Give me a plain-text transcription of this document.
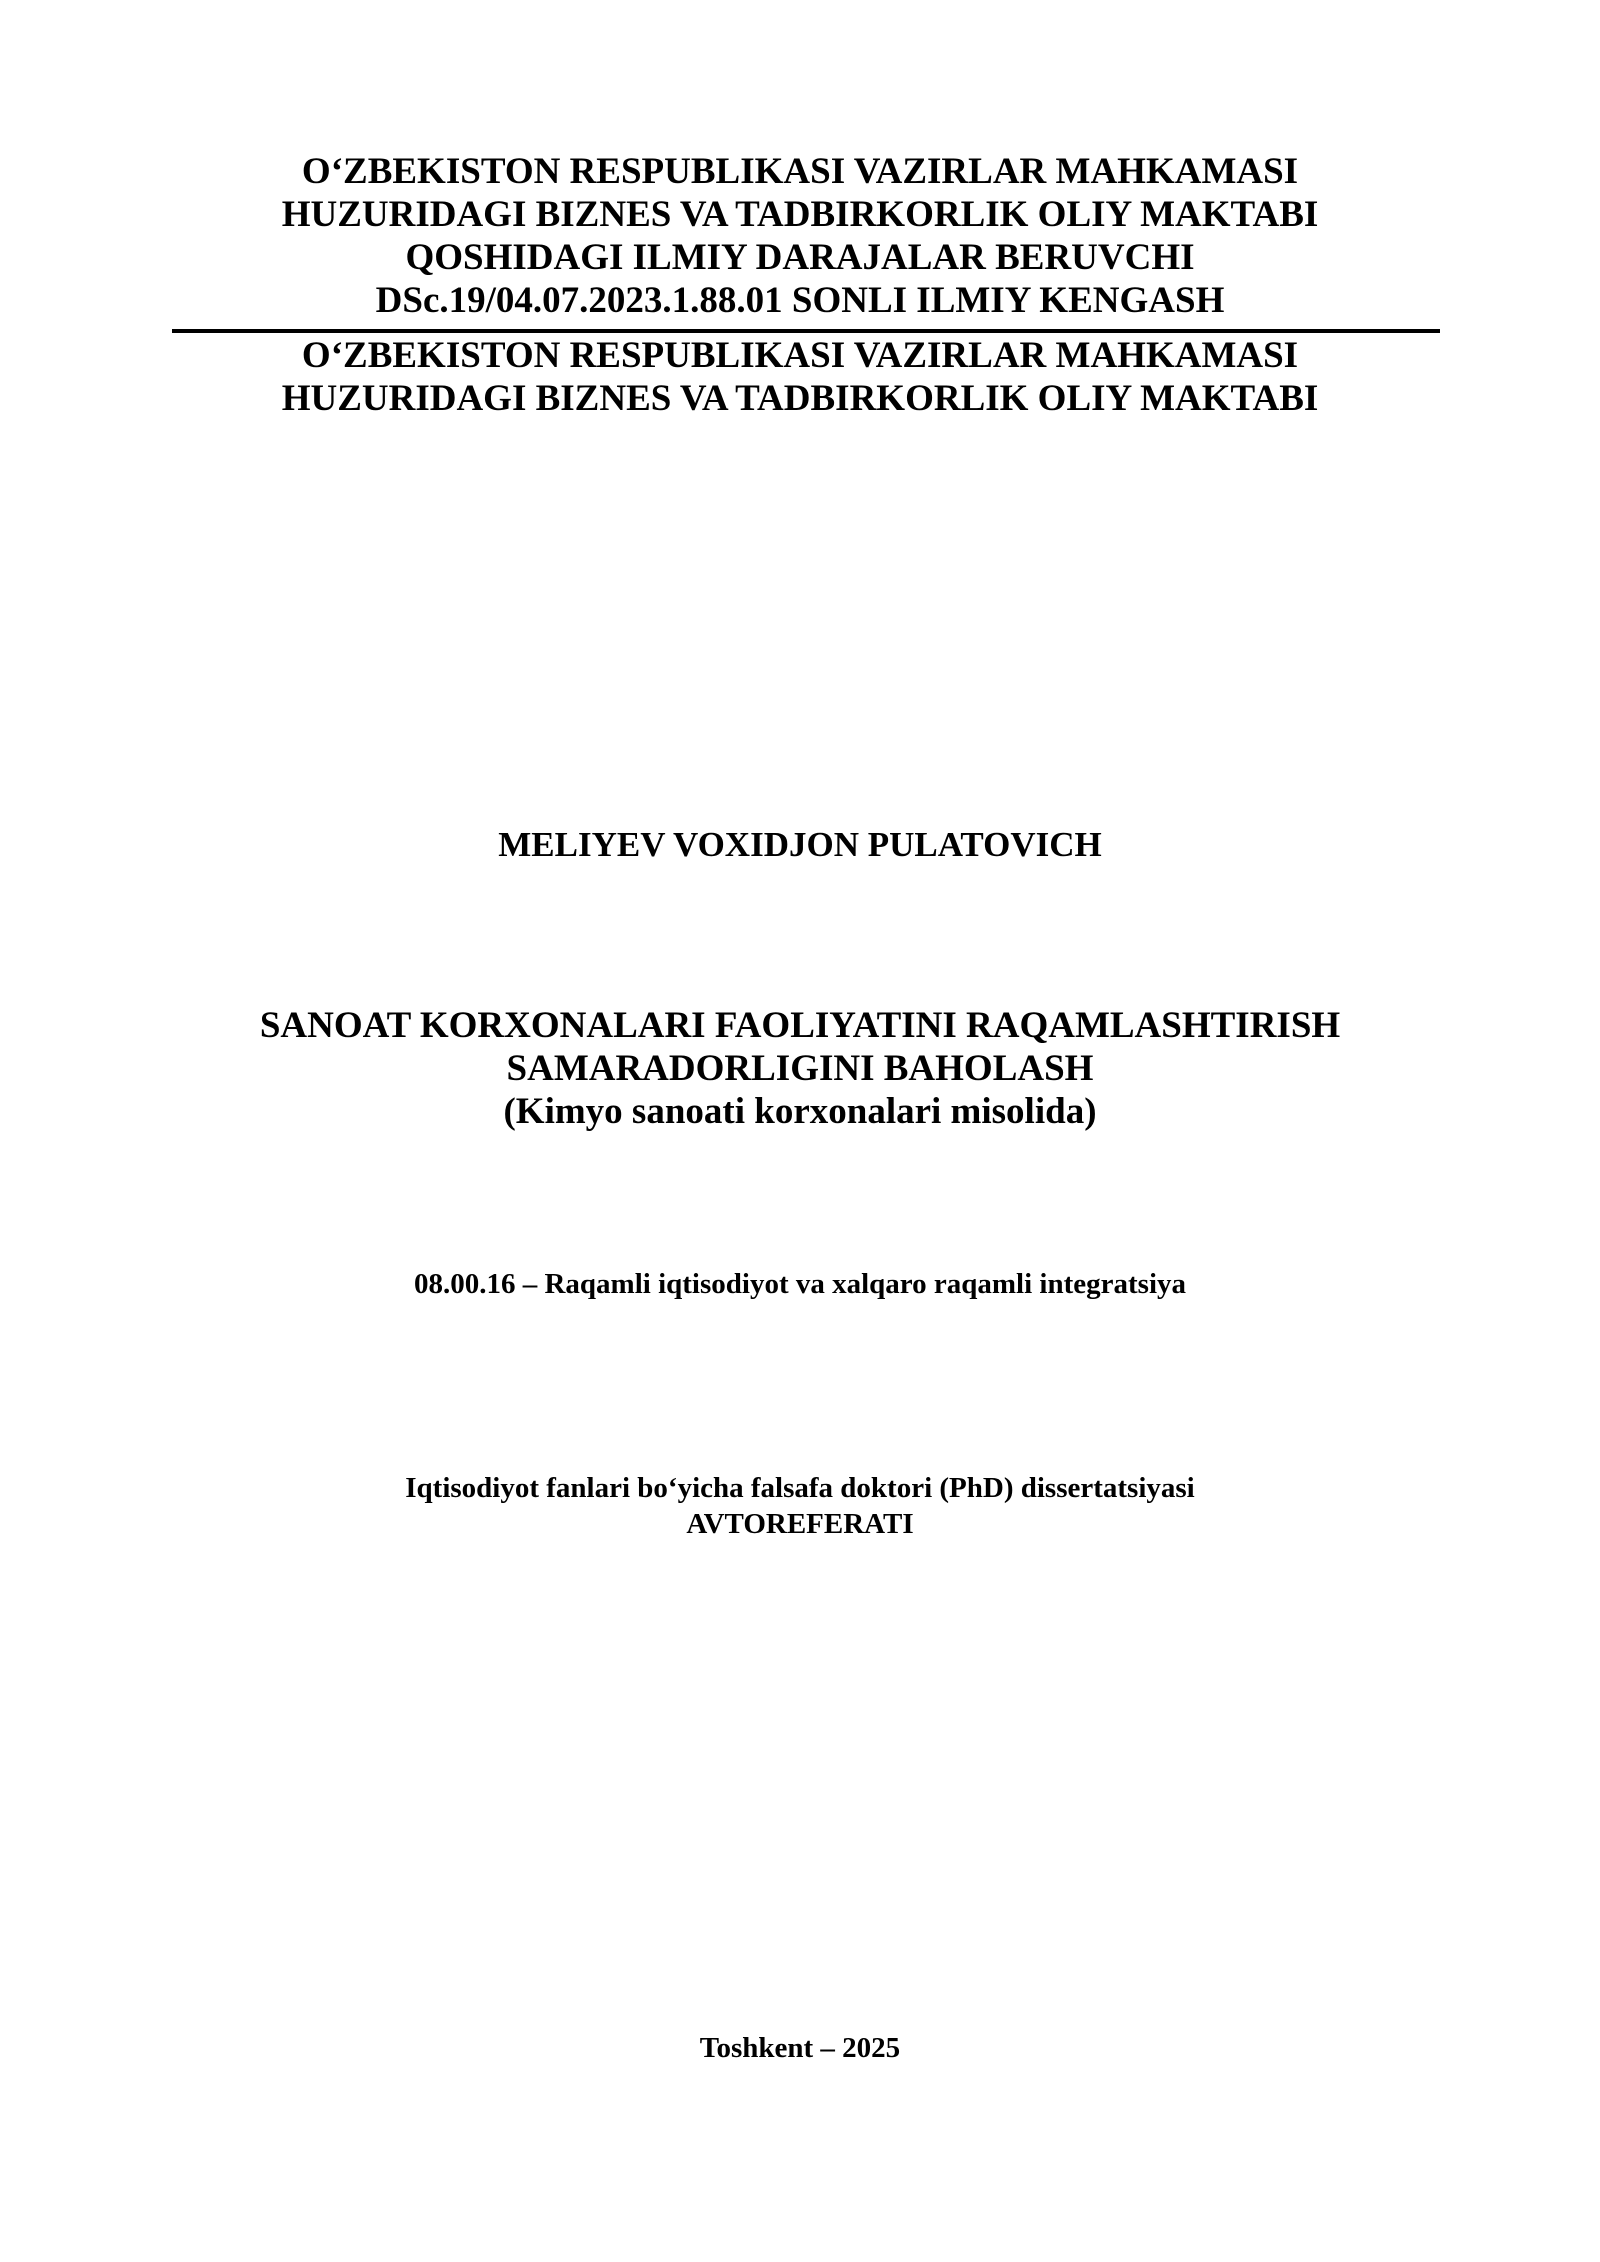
O‘ZBEKISTON RESPUBLIKASI VAZIRLAR MAHKAMASI
HUZURIDAGI BIZNES VA TADBIRKORLIK OLIY MAKTABI
QOSHIDAGI ILMIY DARAJALAR BERUVCHI
DSc.19/04.07.2023.1.88.01 SONLI ILMIY KENGASH
O‘ZBEKISTON RESPUBLIKASI VAZIRLAR MAHKAMASI
HUZURIDAGI BIZNES VA TADBIRKORLIK OLIY MAKTABI
MELIYEV VOXIDJON PULATOVICH
SANOAT KORXONALARI FAOLIYATINI RAQAMLASHTIRISH
SAMARADORLIGINI BAHOLASH
(Kimyo sanoati korxonalari misolida)
08.00.16 – Raqamli iqtisodiyot va xalqaro raqamli integratsiya
Iqtisodiyot fanlari bo‘yicha falsafa doktori (PhD) dissertatsiyasi
AVTOREFERATI
Toshkent – 2025
